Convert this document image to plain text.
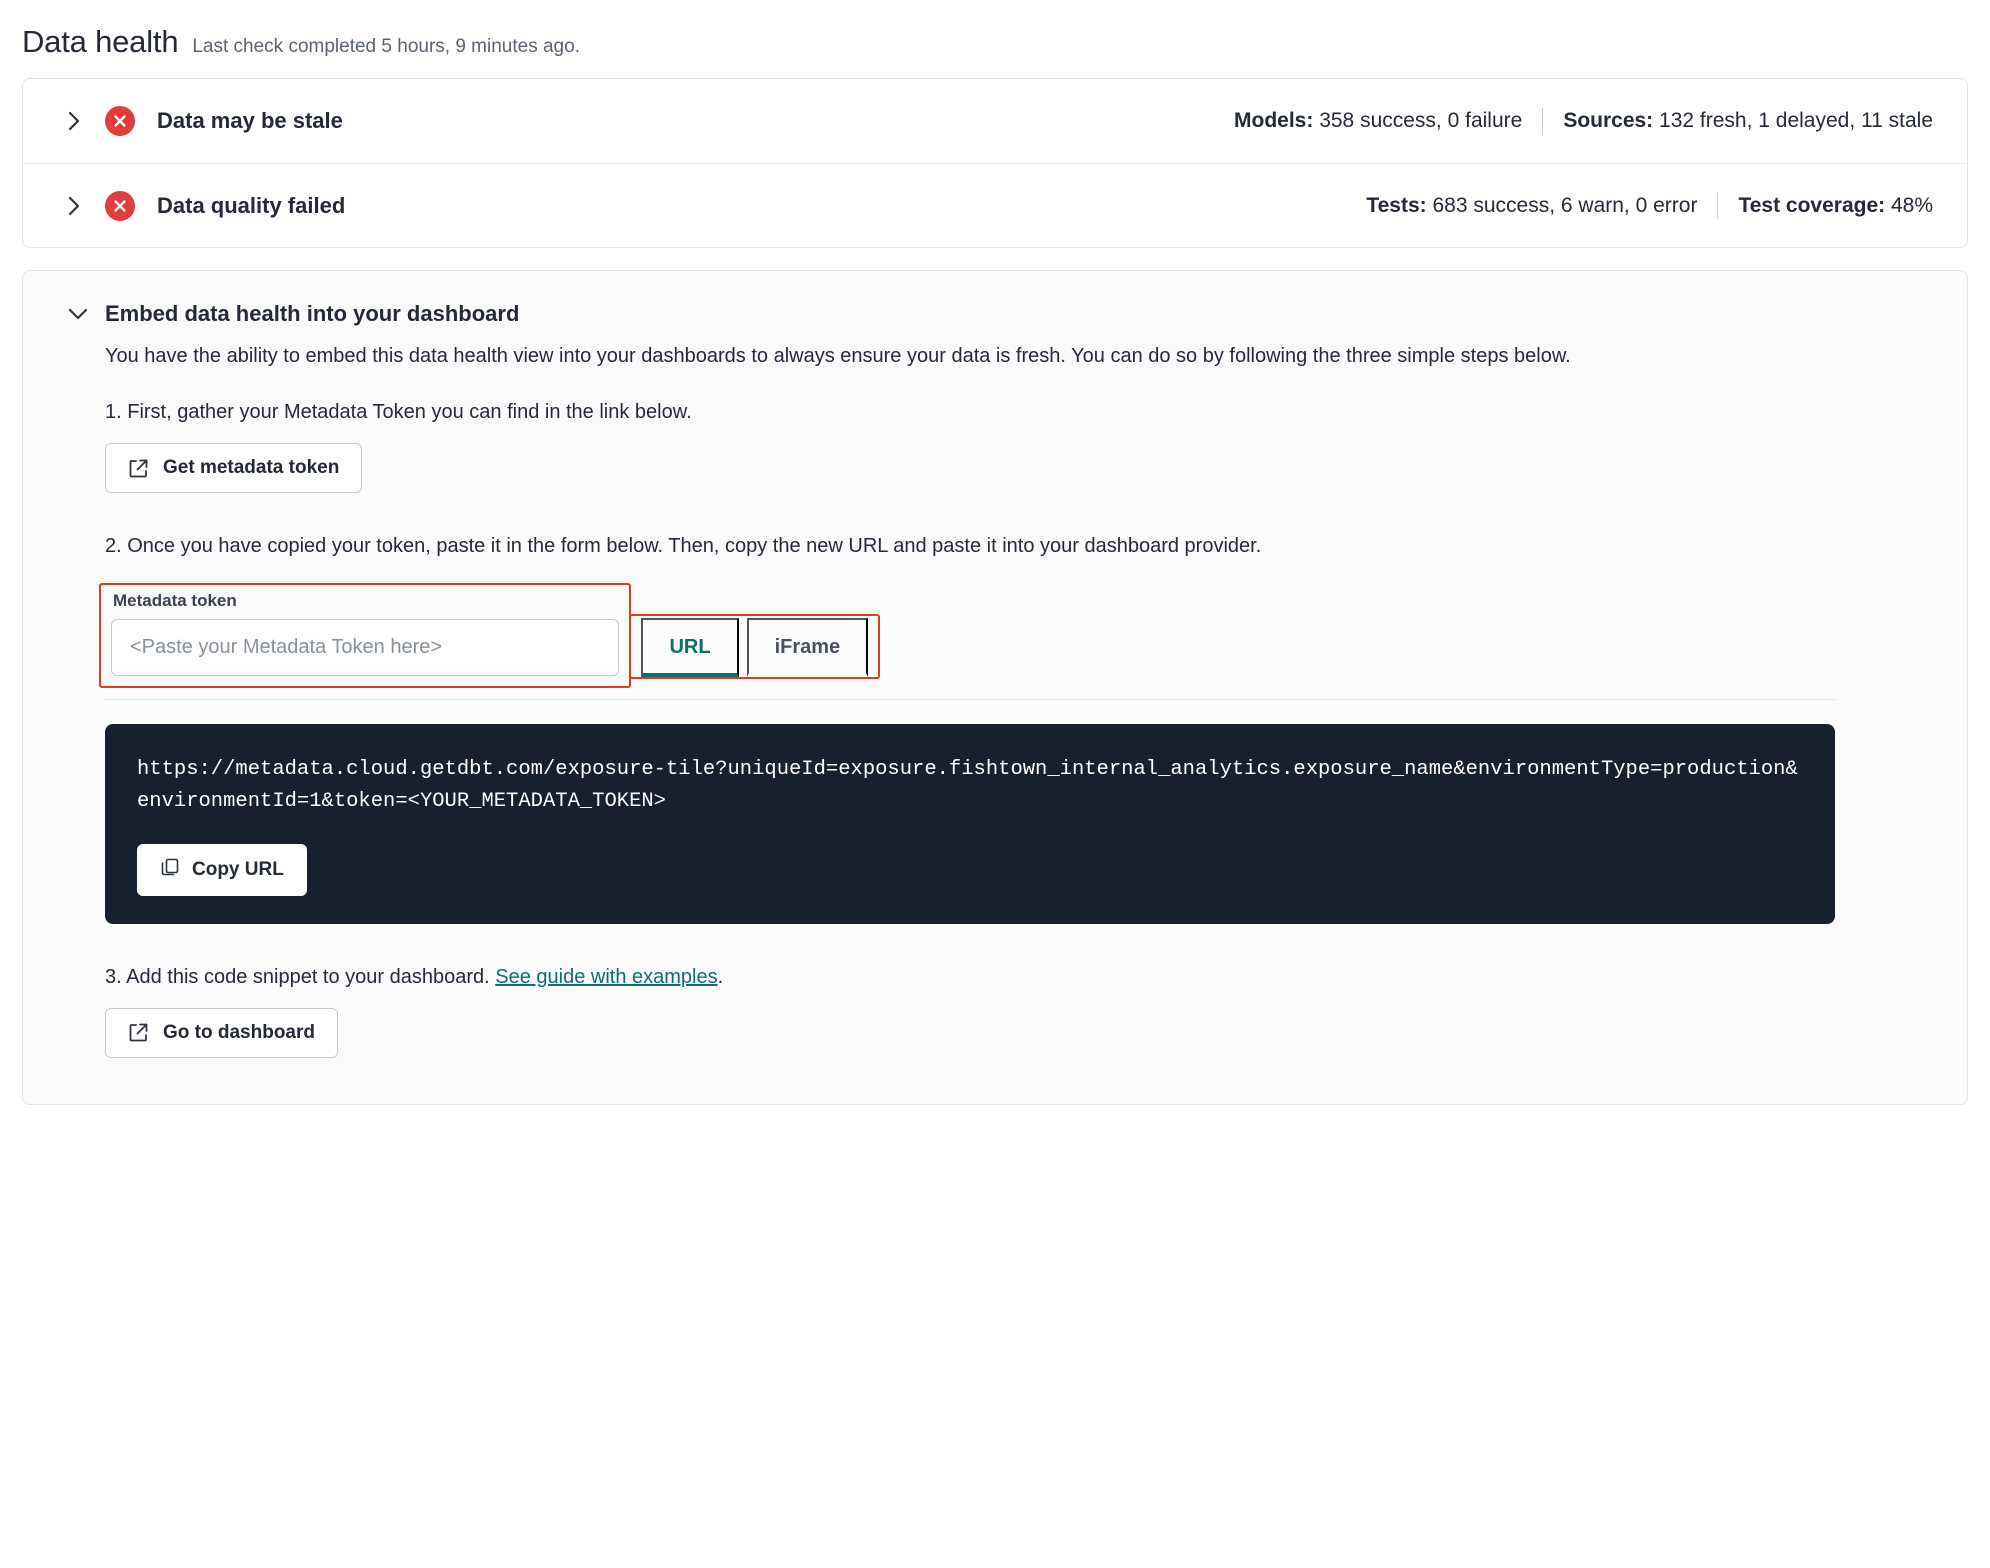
Data health Last check completed 5 hours, 9 minutes ago.
Data may be stale	Models: 358 success, 0 failure Sources: 132 fresh, 1 delayed, 11 stale
Data quality failed	Tests: 683 success, 6 warn, 0 error Test coverage: 48%
Embed data health into your dashboard

You have the ability to embed this data health view into your dashboards to always ensure your data is fresh. You can do so by following the three simple steps below.

1. First, gather your Metadata Token you can find in the link below.

Get metadata token

2. Once you have copied your token, paste it in the form below. Then, copy the new URL and paste it into your dashboard provider.

Metadata token
<Paste your Metadata Token here>
URL	iFrame

https://metadata.cloud.getdbt.com/exposure-tile?uniqueId=exposure.fishtown_internal_analytics.exposure_name&environmentType=production&environmentId=1&token=<YOUR_METADATA_TOKEN>

Copy URL

3. Add this code snippet to your dashboard. See guide with examples.

Go to dashboard
